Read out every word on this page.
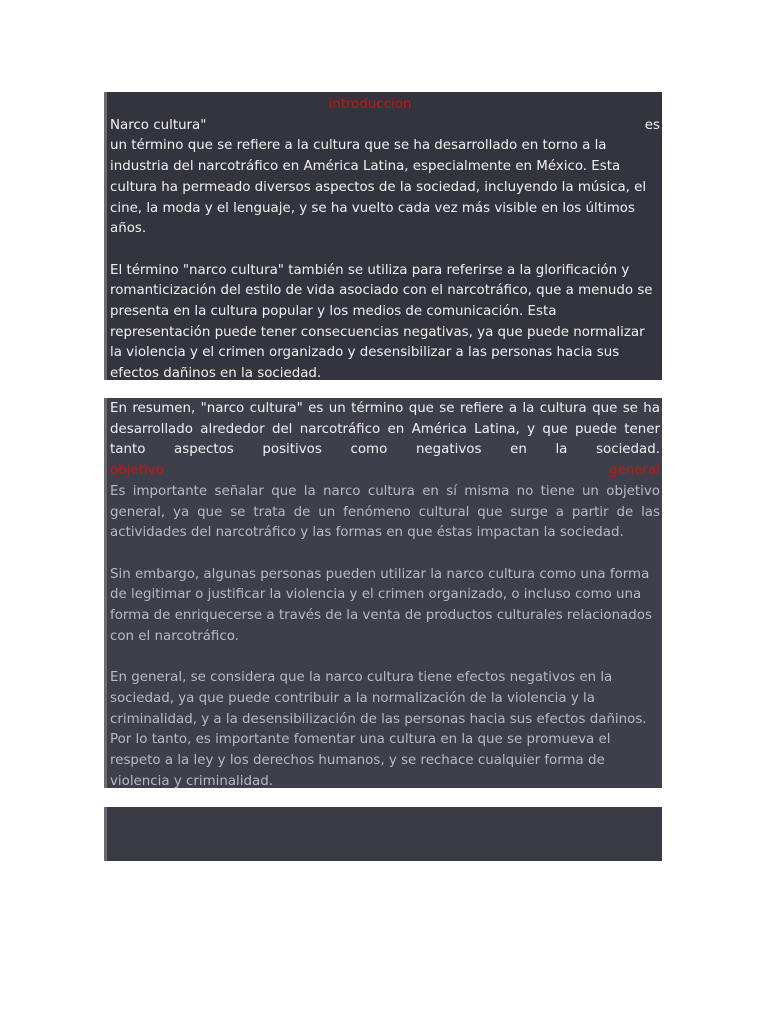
introduccion

Narco cultura"	es

un término que se refiere a la cultura que se ha desarrollado en torno a la industria del narcotráfico en América Latina, especialmente en México. Esta cultura ha permeado diversos aspectos de la sociedad, incluyendo la música, el cine, la moda y el lenguaje, y se ha vuelto cada vez más visible en los últimos años.

El término "narco cultura" también se utiliza para referirse a la glorificación y romanticización del estilo de vida asociado con el narcotráfico, que a menudo se presenta en la cultura popular y los medios de comunicación. Esta representación puede tener consecuencias negativas, ya que puede normalizar la violencia y el crimen organizado y desensibilizar a las personas hacia sus efectos dañinos en la sociedad.

En resumen, "narco cultura" es un término que se refiere a la cultura que se ha desarrollado alrededor del narcotráfico en América Latina, y que puede tener tanto aspectos positivos como negativos en la sociedad.

objetivo	general

Es importante señalar que la narco cultura en sí misma no tiene un objetivo general, ya que se trata de un fenómeno cultural que surge a partir de las actividades del narcotráfico y las formas en que éstas impactan la sociedad.

Sin embargo, algunas personas pueden utilizar la narco cultura como una forma de legitimar o justificar la violencia y el crimen organizado, o incluso como una forma de enriquecerse a través de la venta de productos culturales relacionados con el narcotráfico.

En general, se considera que la narco cultura tiene efectos negativos en la sociedad, ya que puede contribuir a la normalización de la violencia y la criminalidad, y a la desensibilización de las personas hacia sus efectos dañinos. Por lo tanto, es importante fomentar una cultura en la que se promueva el respeto a la ley y los derechos humanos, y se rechace cualquier forma de violencia y criminalidad.
